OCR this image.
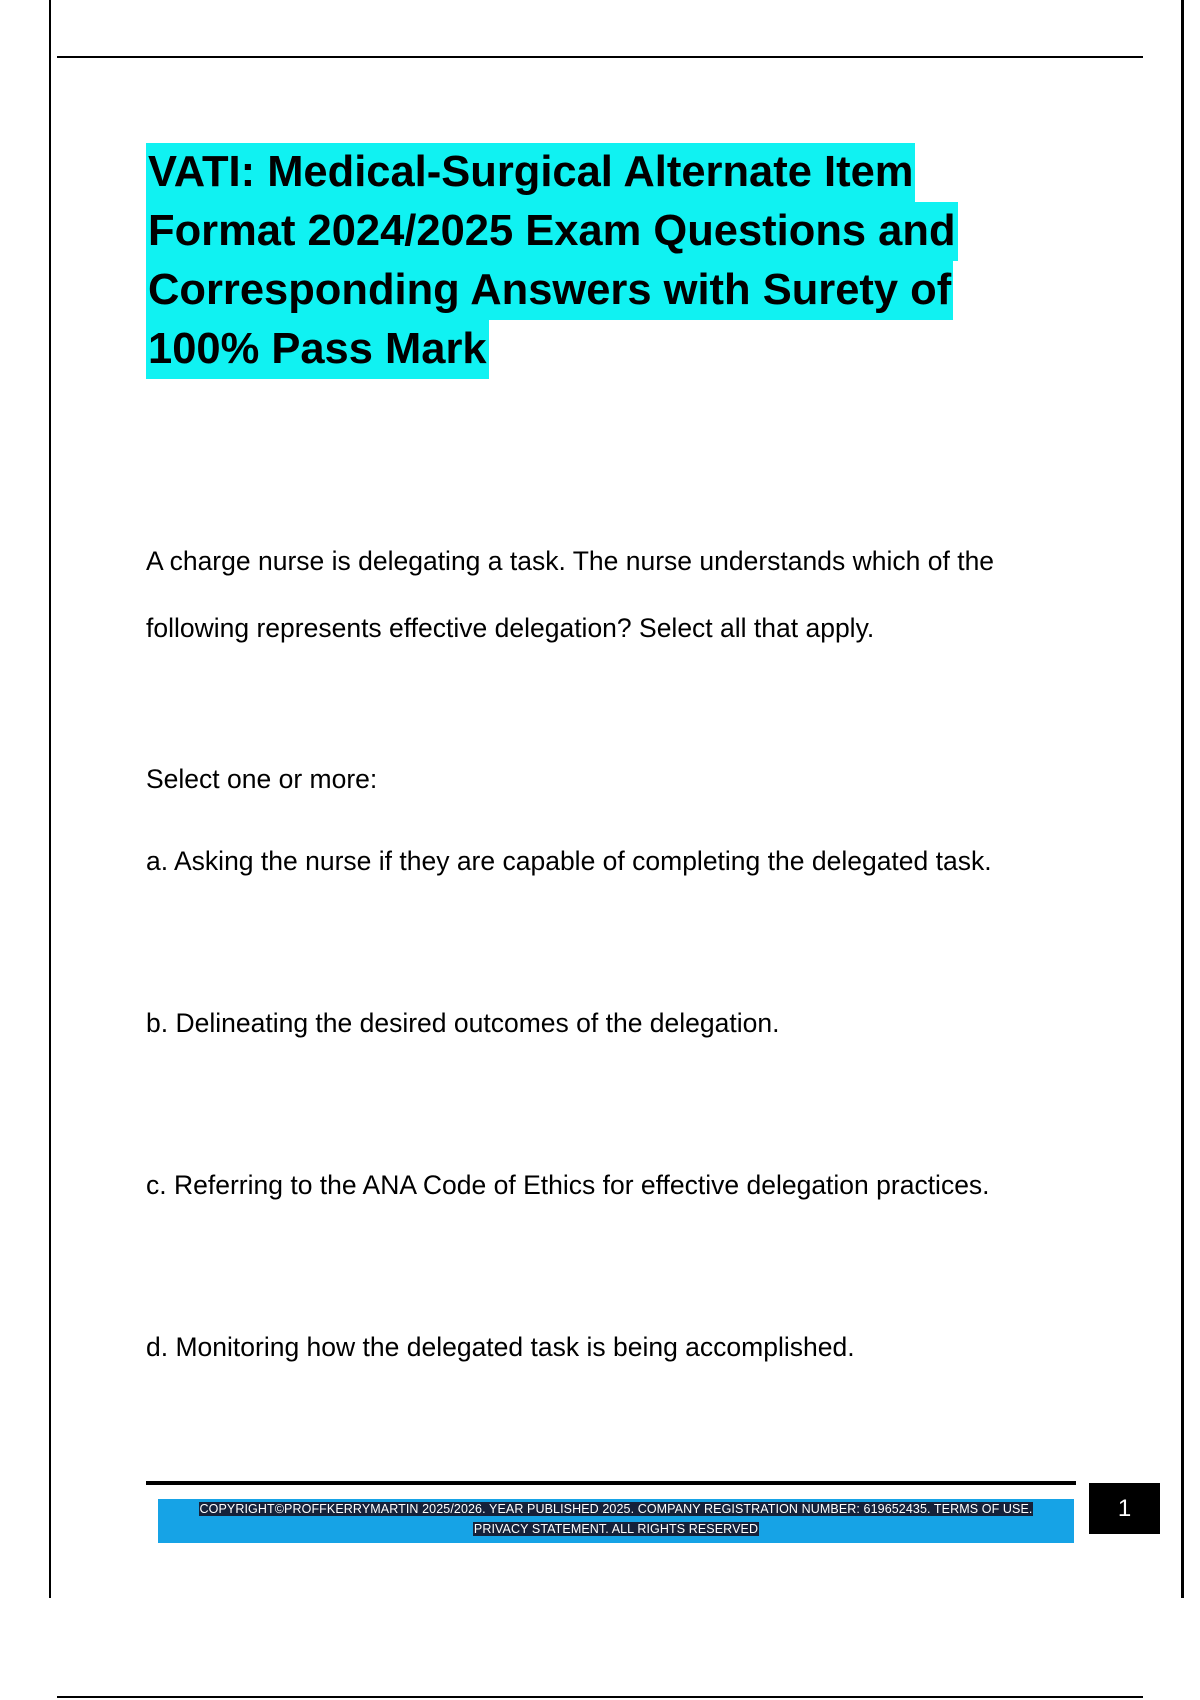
VATI: Medical-Surgical Alternate Item
Format 2024/2025 Exam Questions and
Corresponding Answers with Surety of
100% Pass Mark

A charge nurse is delegating a task. The nurse understands which of the following represents effective delegation? Select all that apply.

Select one or more:

a. Asking the nurse if they are capable of completing the delegated task.

b. Delineating the desired outcomes of the delegation.

c. Referring to the ANA Code of Ethics for effective delegation practices.

d. Monitoring how the delegated task is being accomplished.

COPYRIGHT©PROFFKERRYMARTIN 2025/2026. YEAR PUBLISHED 2025. COMPANY REGISTRATION NUMBER: 619652435. TERMS OF USE.
PRIVACY STATEMENT. ALL RIGHTS RESERVED
1
